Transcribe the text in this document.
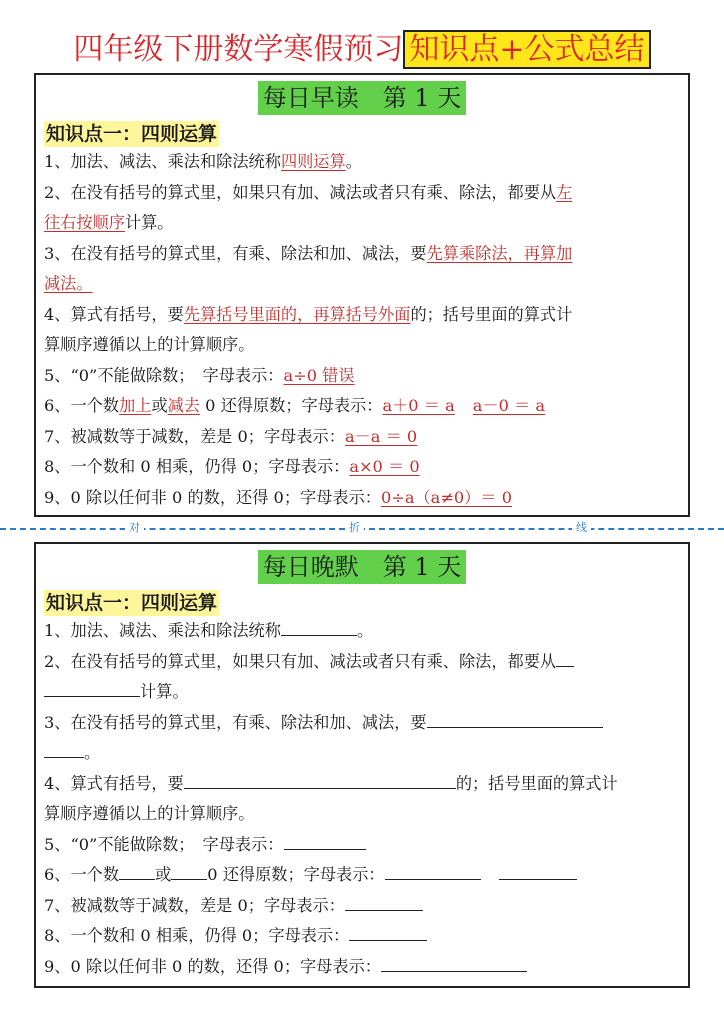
四年级下册数学寒假预习 知识点+公式总结
每日早读　第 1 天
知识点一：四则运算
1、加法、减法、乘法和除法统称四则运算。
2、在没有括号的算式里，如果只有加、减法或者只有乘、除法，都要从左
往右按顺序计算。
3、在没有括号的算式里，有乘、除法和加、减法，要先算乘除法，再算加
减法。
4、算式有括号，要先算括号里面的，再算括号外面的；括号里面的算式计
算顺序遵循以上的计算顺序。
5、“0”不能做除数；　字母表示：a÷0 错误
6、一个数加上或减去 0 还得原数；字母表示：a＋0 ＝ a a－0 ＝ a
7、被减数等于减数，差是 0；字母表示：a－a ＝ 0
8、一个数和 0 相乘，仍得 0；字母表示：a×0 ＝ 0
9、0 除以任何非 0 的数，还得 0；字母表示：0÷a（a≠0）＝ 0
对	折	线
每日晚默　第 1 天
知识点一：四则运算
1、加法、减法、乘法和除法统称	。
2、在没有括号的算式里，如果只有加、减法或者只有乘、除法，都要从
计算。
3、在没有括号的算式里，有乘、除法和加、减法，要
。
4、算式有括号，要	的；括号里面的算式计
算顺序遵循以上的计算顺序。
5、“0”不能做除数；　字母表示：
6、一个数 或 0 还得原数；字母表示：
7、被减数等于减数，差是 0；字母表示：
8、一个数和 0 相乘，仍得 0；字母表示：
9、0 除以任何非 0 的数，还得 0；字母表示：
